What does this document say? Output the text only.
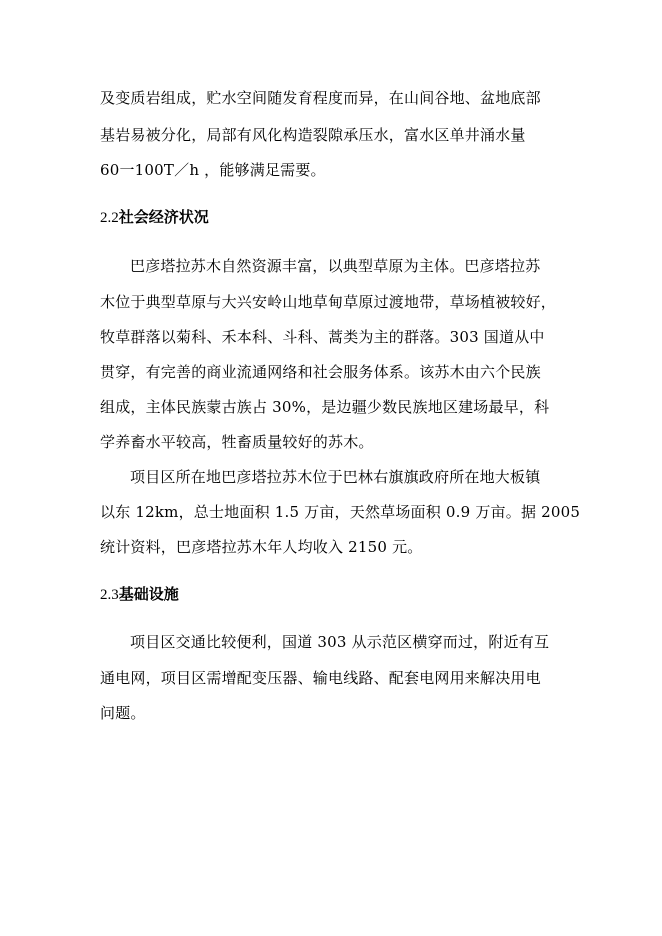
及变质岩组成，贮水空间随发育程度而异，在山间谷地、盆地底部
基岩易被分化，局部有风化构造裂隙承压水，富水区单井涌水量
60一100T／h ，能够满足需要。
2.2社会经济状况
巴彦塔拉苏木自然资源丰富，以典型草原为主体。巴彦塔拉苏
木位于典型草原与大兴安岭山地草甸草原过渡地带，草场植被较好，
牧草群落以菊科、禾本科、斗科、蒿类为主的群落。303 国道从中
贯穿，有完善的商业流通网络和社会服务体系。该苏木由六个民族
组成，主体民族蒙古族占 30%，是边疆少数民族地区建场最早，科
学养畜水平较高，牲畜质量较好的苏木。
项目区所在地巴彦塔拉苏木位于巴林右旗旗政府所在地大板镇
以东 12km，总士地面积 1.5 万亩，天然草场面积 0.9 万亩。据 2005
统计资料，巴彦塔拉苏木年人均收入 2150 元。
2.3基础设施
项目区交通比较便利，国道 303 从示范区横穿而过，附近有互
通电网，项目区需增配变压器、输电线路、配套电网用来解决用电
问题。
